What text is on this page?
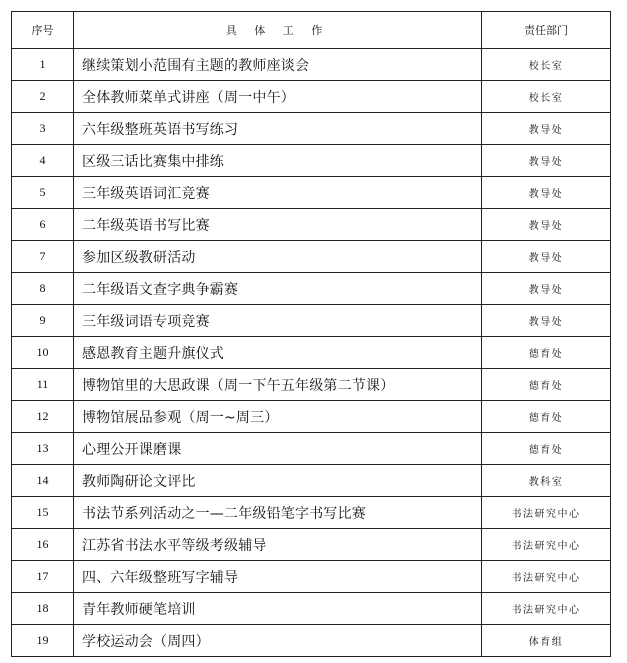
序号	具 体 工 作	责任部门
1	继续策划小范围有主题的教师座谈会	校长室
2	全体教师菜单式讲座（周一中午）	校长室
3	六年级整班英语书写练习	教导处
4	区级三话比赛集中排练	教导处
5	三年级英语词汇竞赛	教导处
6	二年级英语书写比赛	教导处
7	参加区级教研活动	教导处
8	二年级语文查字典争霸赛	教导处
9	三年级词语专项竞赛	教导处
10	感恩教育主题升旗仪式	德育处
11	博物馆里的大思政课（周一下午五年级第二节课）	德育处
12	博物馆展品参观（周一~周三）	德育处
13	心理公开课磨课	德育处
14	教师陶研论文评比	教科室
15	书法节系列活动之一—二年级铅笔字书写比赛	书法研究中心
16	江苏省书法水平等级考级辅导	书法研究中心
17	四、六年级整班写字辅导	书法研究中心
18	青年教师硬笔培训	书法研究中心
19	学校运动会（周四）	体育组
